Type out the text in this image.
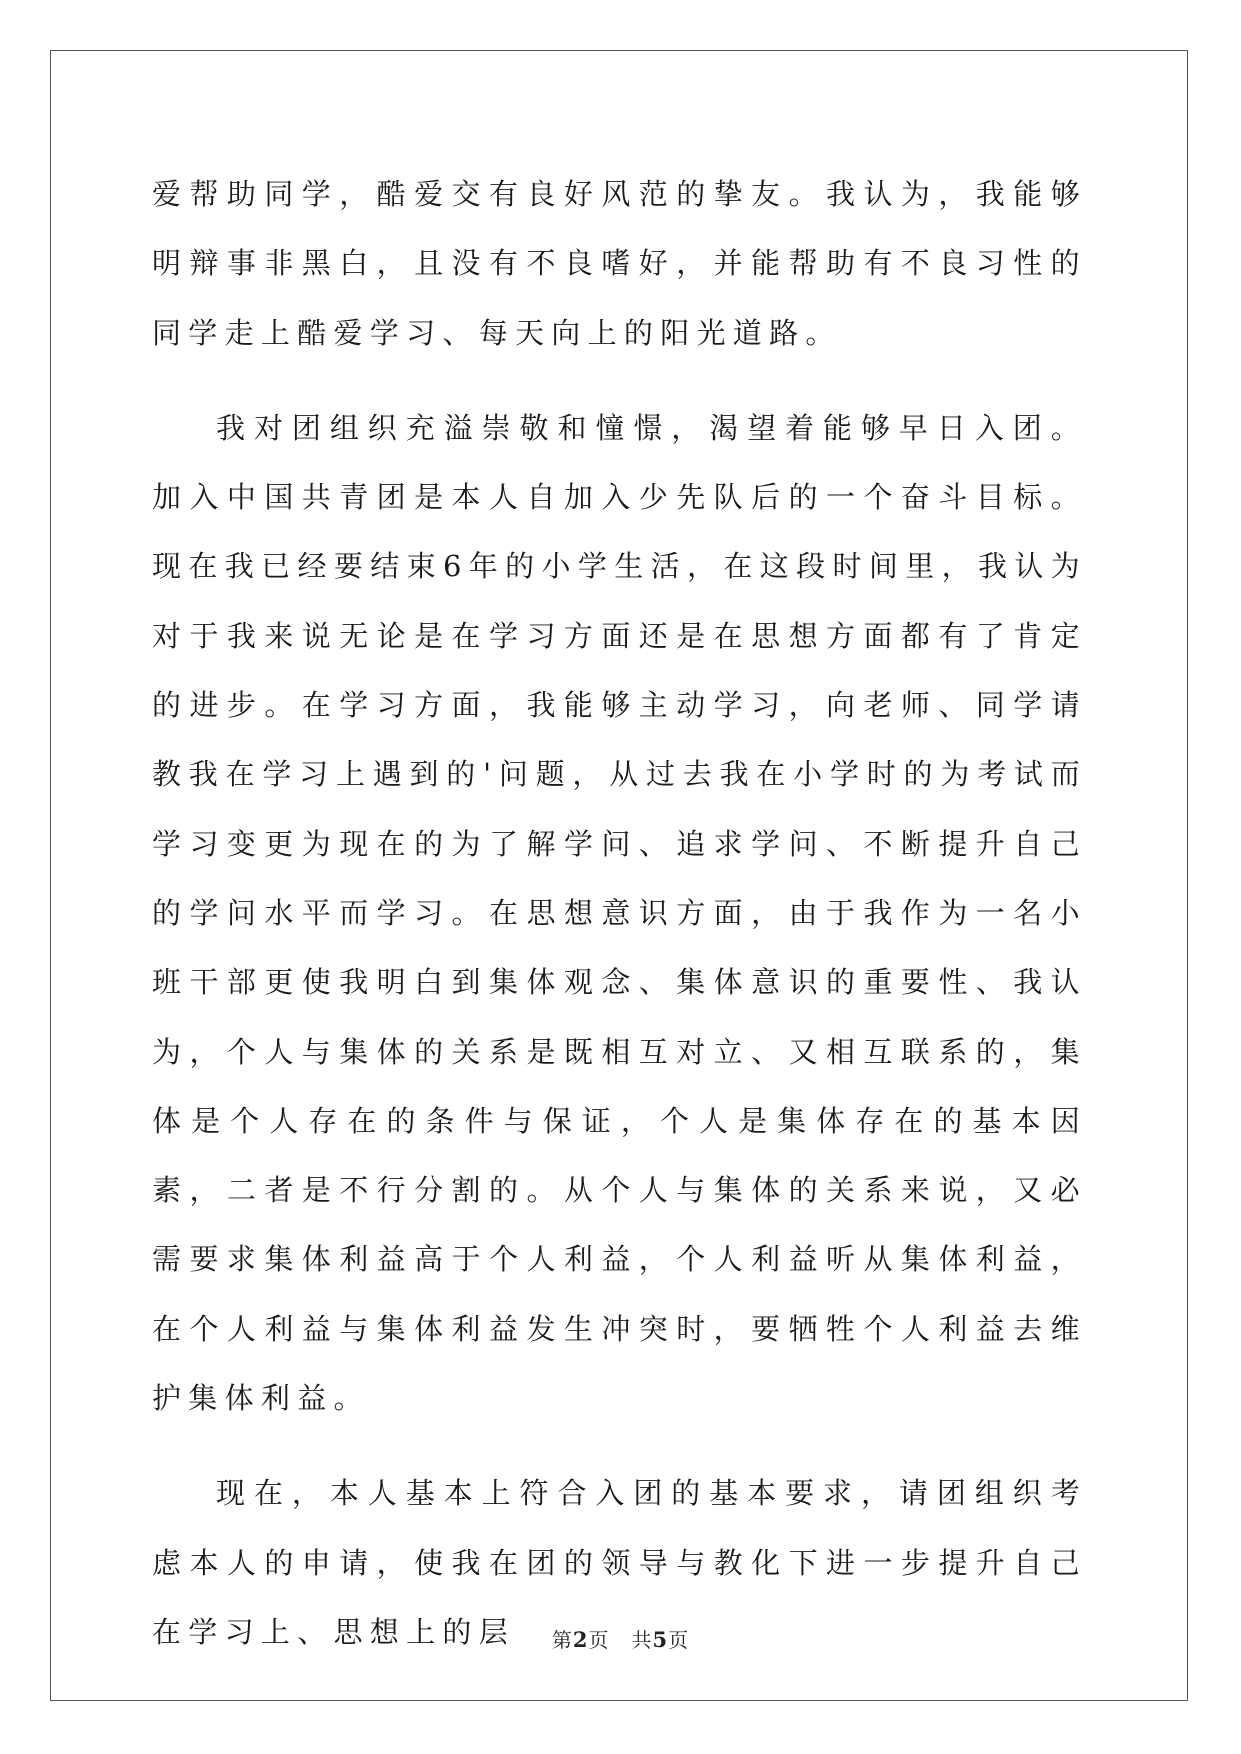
爱帮助同学，酷爱交有良好风范的挚友。我认为，我能够明辩事非黑白，且没有不良嗜好，并能帮助有不良习性的同学走上酷爱学习、每天向上的阳光道路。

我对团组织充溢崇敬和憧憬，渴望着能够早日入团。加入中国共青团是本人自加入少先队后的一个奋斗目标。现在我已经要结束6年的小学生活，在这段时间里，我认为对于我来说无论是在学习方面还是在思想方面都有了肯定的进步。在学习方面，我能够主动学习，向老师、同学请教我在学习上遇到的'问题，从过去我在小学时的为考试而学习变更为现在的为了解学问、追求学问、不断提升自己的学问水平而学习。在思想意识方面，由于我作为一名小班干部更使我明白到集体观念、集体意识的重要性、我认为，个人与集体的关系是既相互对立、又相互联系的，集体是个人存在的条件与保证，个人是集体存在的基本因素，二者是不行分割的。从个人与集体的关系来说，又必需要求集体利益高于个人利益，个人利益听从集体利益，在个人利益与集体利益发生冲突时，要牺牲个人利益去维护集体利益。

现在，本人基本上符合入团的基本要求，请团组织考虑本人的申请，使我在团的领导与教化下进一步提升自己在学习上、思想上的层	第2页 共5页
